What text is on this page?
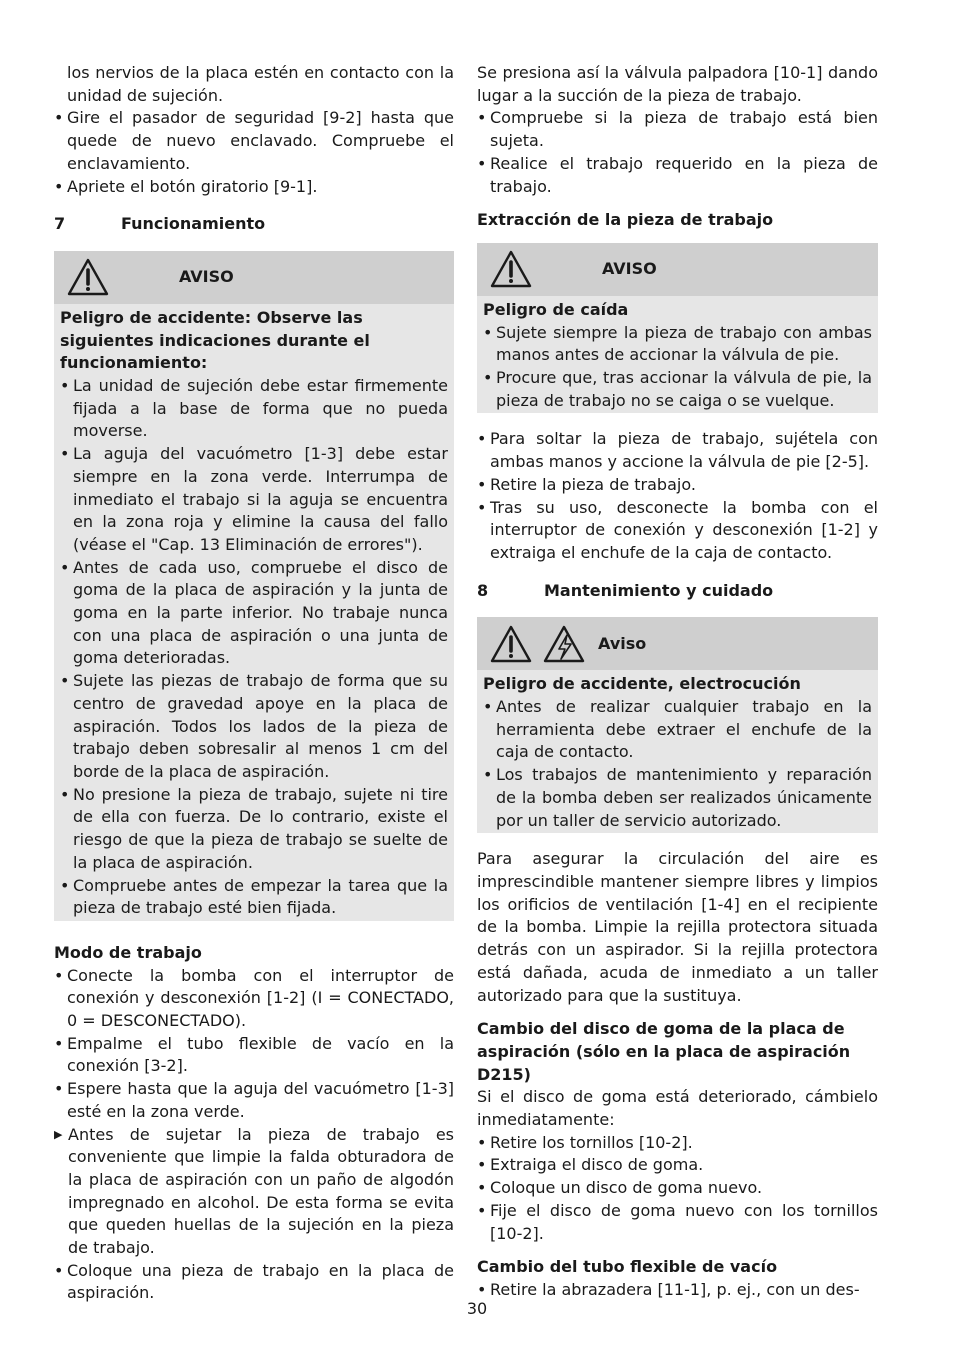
los nervios de la placa estén en contacto con la unidad de sujeción.

• Gire el pasador de seguridad [9-2] hasta que quede de nuevo enclavado. Compruebe el enclavamiento.
• Apriete el botón giratorio [9-1].
7	Funcionamiento
AVISO
Peligro de accidente: Observe las siguientes indicaciones durante el funcionamiento:
• La unidad de sujeción debe estar firmemente fijada a la base de forma que no pueda moverse.
• La aguja del vacuómetro [1-3] debe estar siempre en la zona verde. Interrumpa de inmediato el trabajo si la aguja se encuentra en la zona roja y elimine la causa del fallo (véase el "Cap. 13 Eliminación de errores").
• Antes de cada uso, compruebe el disco de goma de la placa de aspiración y la junta de goma en la parte inferior. No trabaje nunca con una placa de aspiración o una junta de goma deterioradas.
• Sujete las piezas de trabajo de forma que su centro de gravedad apoye en la placa de aspiración. Todos los lados de la pieza de trabajo deben sobresalir al menos 1 cm del borde de la placa de aspiración.
• No presione la pieza de trabajo, sujete ni tire de ella con fuerza. De lo contrario, existe el riesgo de que la pieza de trabajo se suelte de la placa de aspiración.
• Compruebe antes de empezar la tarea que la pieza de trabajo esté bien fijada.
Modo de trabajo
• Conecte la bomba con el interruptor de conexión y desconexión [1-2] (I = CONECTADO, 0 = DESCONECTADO).
• Empalme el tubo flexible de vacío en la conexión [3-2].
• Espere hasta que la aguja del vacuómetro [1-3] esté en la zona verde.
▶ Antes de sujetar la pieza de trabajo es conveniente que limpie la falda obturadora de la placa de aspiración con un paño de algodón impregnado en alcohol. De esta forma se evita que queden huellas de la sujeción en la pieza de trabajo.
• Coloque una pieza de trabajo en la placa de aspiración.

Se presiona así la válvula palpadora [10-1] dando lugar a la succión de la pieza de trabajo.

• Compruebe si la pieza de trabajo está bien sujeta.
• Realice el trabajo requerido en la pieza de trabajo.
Extracción de la pieza de trabajo
AVISO
Peligro de caída
• Sujete siempre la pieza de trabajo con ambas manos antes de accionar la válvula de pie.
• Procure que, tras accionar la válvula de pie, la pieza de trabajo no se caiga o se vuelque.
• Para soltar la pieza de trabajo, sujétela con ambas manos y accione la válvula de pie [2-5].
• Retire la pieza de trabajo.
• Tras su uso, desconecte la bomba con el interruptor de conexión y desconexión [1-2] y extraiga el enchufe de la caja de contacto.
8	Mantenimiento y cuidado
Aviso
Peligro de accidente, electrocución
• Antes de realizar cualquier trabajo en la herramienta debe extraer el enchufe de la caja de contacto.
• Los trabajos de mantenimiento y reparación de la bomba deben ser realizados únicamente por un taller de servicio autorizado.

Para asegurar la circulación del aire es imprescindible mantener siempre libres y limpios los orificios de ventilación [1-4] en el recipiente de la bomba. Limpie la rejilla protectora situada detrás con un aspirador. Si la rejilla protectora está dañada, acuda de inmediato a un taller autorizado para que la sustituya.

Cambio del disco de goma de la placa de aspiración (sólo en la placa de aspiración D215)

Si el disco de goma está deteriorado, cámbielo inmediatamente:

• Retire los tornillos [10-2].
• Extraiga el disco de goma.
• Coloque un disco de goma nuevo.
• Fije el disco de goma nuevo con los tornillos [10-2].
Cambio del tubo flexible de vacío
• Retire la abrazadera [11-1], p. ej., con un des-
30
